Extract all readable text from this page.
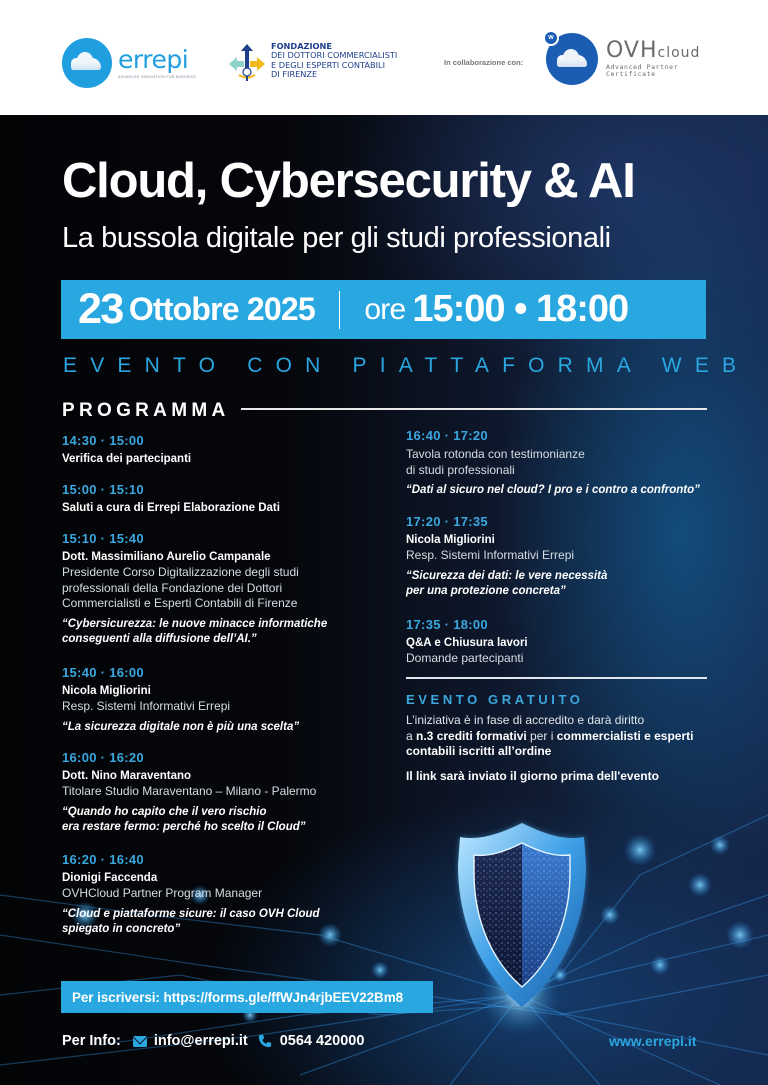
errepi
ADVANCED INNOVATION FOR BUSINESS
FONDAZIONE
DEI DOTTORI COMMERCIALISTI
E DEGLI ESPERTI CONTABILI
DI FIRENZE
In collaborazione con:
w OVHcloud
Advanced Partner
Certificate
Cloud, Cybersecurity & AI
La bussola digitale per gli studi professionali
23 Ottobre 2025 ore 15:00 • 18:00
EVENTO CON PIATTAFORMA WEB
PROGRAMMA
14:30 · 15:00
Verifica dei partecipanti
15:00 · 15:10
Saluti a cura di Errepi Elaborazione Dati
15:10 · 15:40
Dott. Massimiliano Aurelio Campanale
Presidente Corso Digitalizzazione degli studi
professionali della Fondazione dei Dottori
Commercialisti e Esperti Contabili di Firenze
“Cybersicurezza: le nuove minacce informatiche
conseguenti alla diffusione dell’AI.”
15:40 · 16:00
Nicola Migliorini
Resp. Sistemi Informativi Errepi
“La sicurezza digitale non è più una scelta”
16:00 · 16:20
Dott. Nino Maraventano
Titolare Studio Maraventano – Milano - Palermo
“Quando ho capito che il vero rischio
era restare fermo: perché ho scelto il Cloud”
16:20 · 16:40
Dionigi Faccenda
OVHCloud Partner Program Manager
“Cloud e piattaforme sicure: il caso OVH Cloud
spiegato in concreto”
16:40 · 17:20
Tavola rotonda con testimonianze
di studi professionali
“Dati al sicuro nel cloud? I pro e i contro a confronto”
17:20 · 17:35
Nicola Migliorini
Resp. Sistemi Informativi Errepi
“Sicurezza dei dati: le vere necessità
per una protezione concreta”
17:35 · 18:00
Q&A e Chiusura lavori
Domande partecipanti
EVENTO GRATUITO
L’iniziativa è in fase di accredito e darà diritto
a n.3 crediti formativi per i commercialisti e esperti
contabili iscritti all’ordine
Il link sarà inviato il giorno prima dell'evento
Per iscriversi: https://forms.gle/ffWJn4rjbEEV22Bm8
Per Info: info@errepi.it 0564 420000	www.errepi.it
